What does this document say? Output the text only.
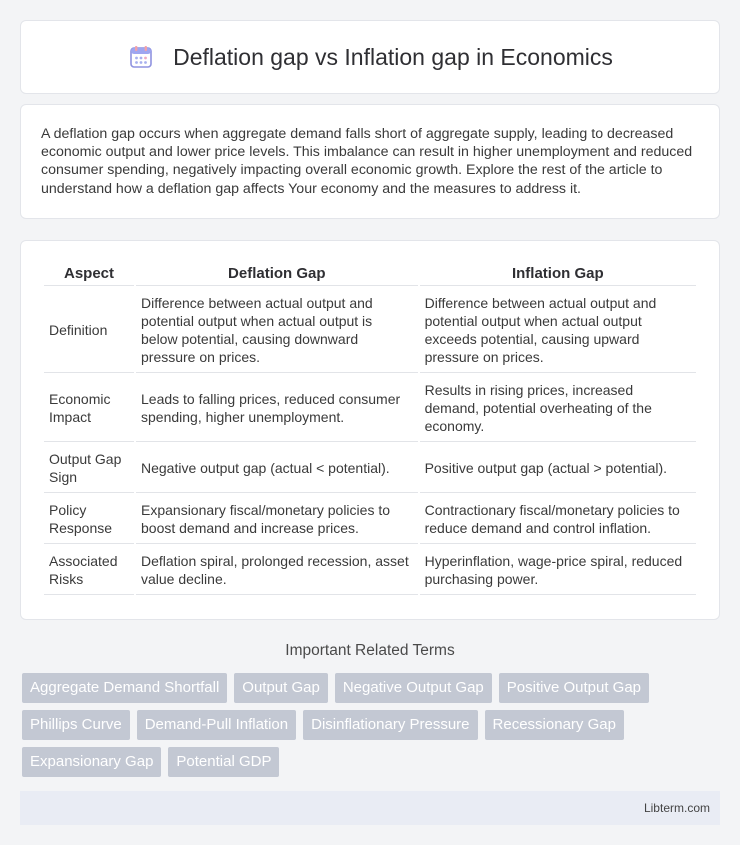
Deflation gap vs Inflation gap in Economics

A deflation gap occurs when aggregate demand falls short of aggregate supply, leading to decreased economic output and lower price levels. This imbalance can result in higher unemployment and reduced consumer spending, negatively impacting overall economic growth. Explore the rest of the article to understand how a deflation gap affects Your economy and the measures to address it.

Aspect	Deflation Gap	Inflation Gap
Definition	Difference between actual output and potential output when actual output is below potential, causing downward pressure on prices.	Difference between actual output and potential output when actual output exceeds potential, causing upward pressure on prices.
Economic Impact	Leads to falling prices, reduced consumer spending, higher unemployment.	Results in rising prices, increased demand, potential overheating of the economy.
Output Gap Sign	Negative output gap (actual < potential).	Positive output gap (actual > potential).
Policy Response	Expansionary fiscal/monetary policies to boost demand and increase prices.	Contractionary fiscal/monetary policies to reduce demand and control inflation.
Associated Risks	Deflation spiral, prolonged recession, asset value decline.	Hyperinflation, wage-price spiral, reduced purchasing power.
Important Related Terms
Aggregate Demand Shortfall	Output Gap	Negative Output Gap	Positive Output Gap
Phillips Curve	Demand-Pull Inflation	Disinflationary Pressure	Recessionary Gap
Expansionary Gap	Potential GDP
Libterm.com
